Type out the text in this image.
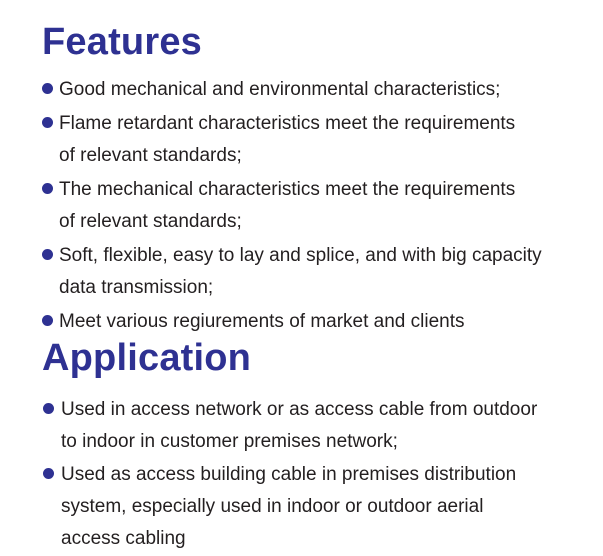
Features
Good mechanical and environmental characteristics;
Flame retardant characteristics meet the requirements
of relevant standards;
The mechanical characteristics meet the requirements
of relevant standards;
Soft, flexible, easy to lay and splice, and with big capacity
data transmission;
Meet various regiurements of market and clients
Application
Used in access network or as access cable from outdoor
to indoor in customer premises network;
Used as access building cable in premises distribution
system, especially used in indoor or outdoor aerial
access cabling
